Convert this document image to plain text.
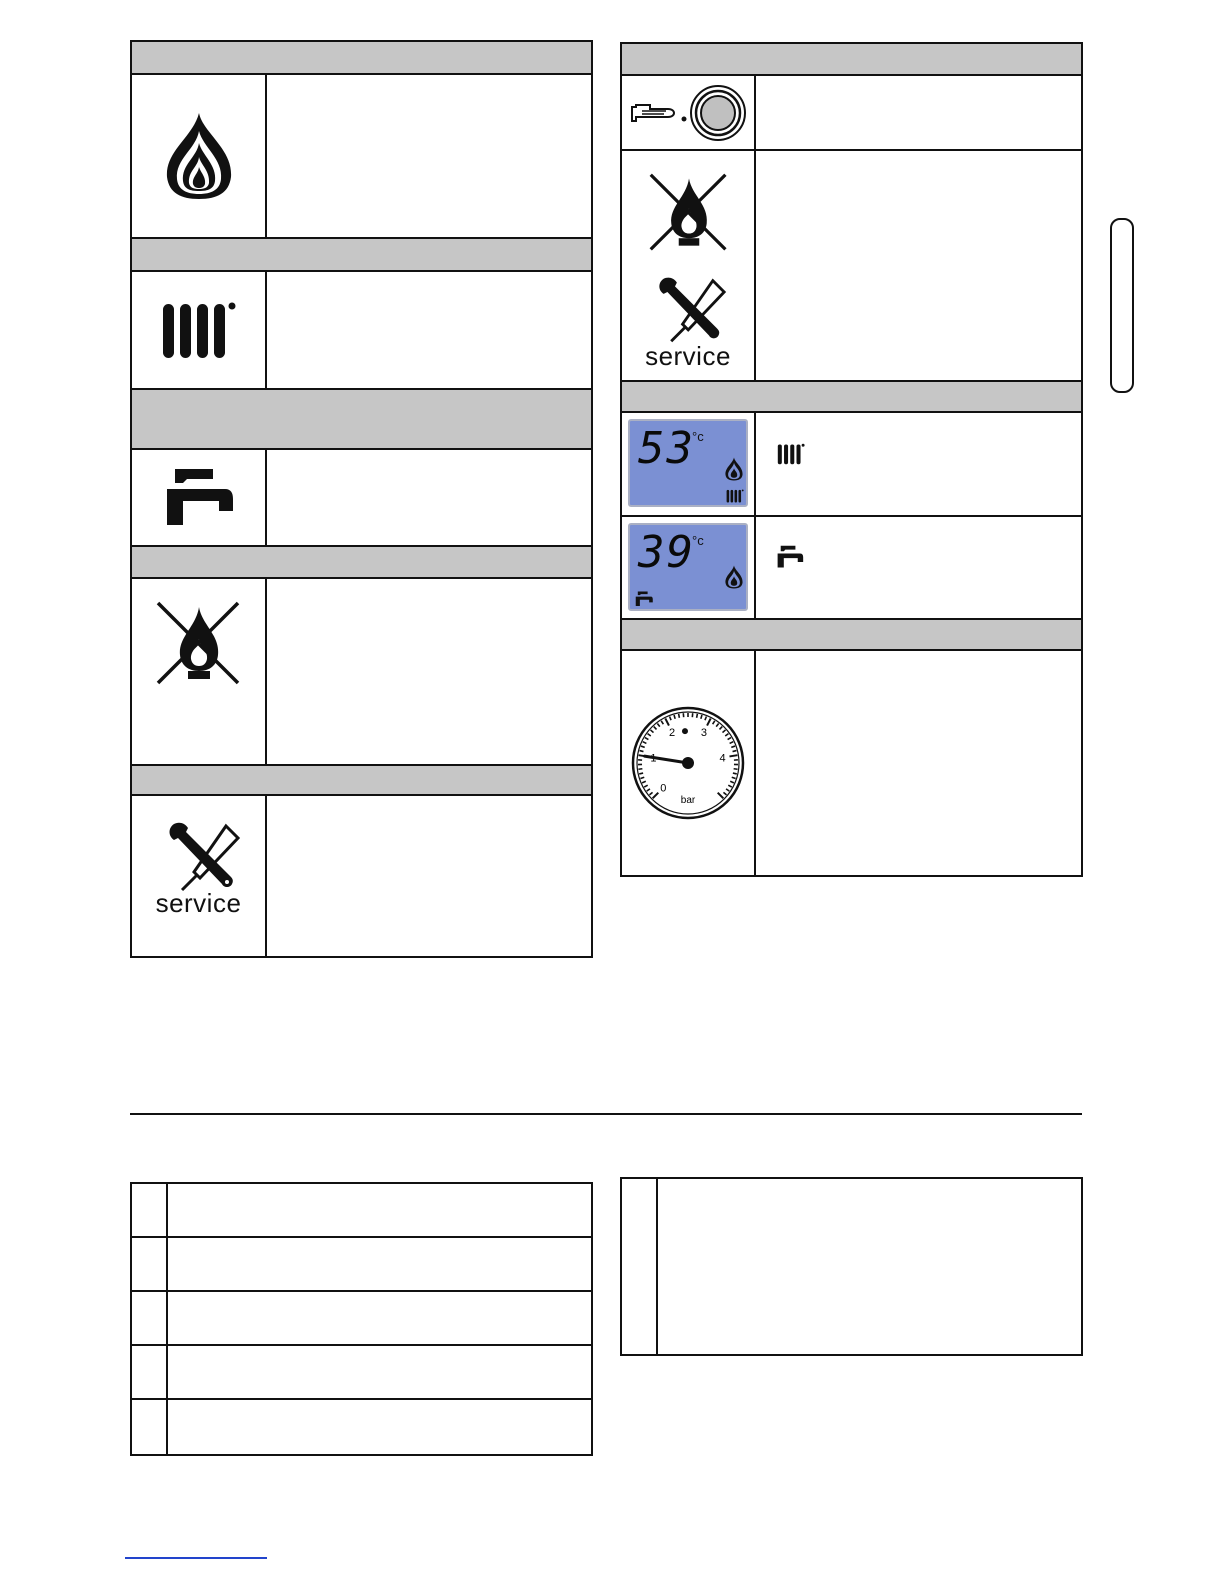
service
service
53
°c
39
°c
0
2 3
4
bar
